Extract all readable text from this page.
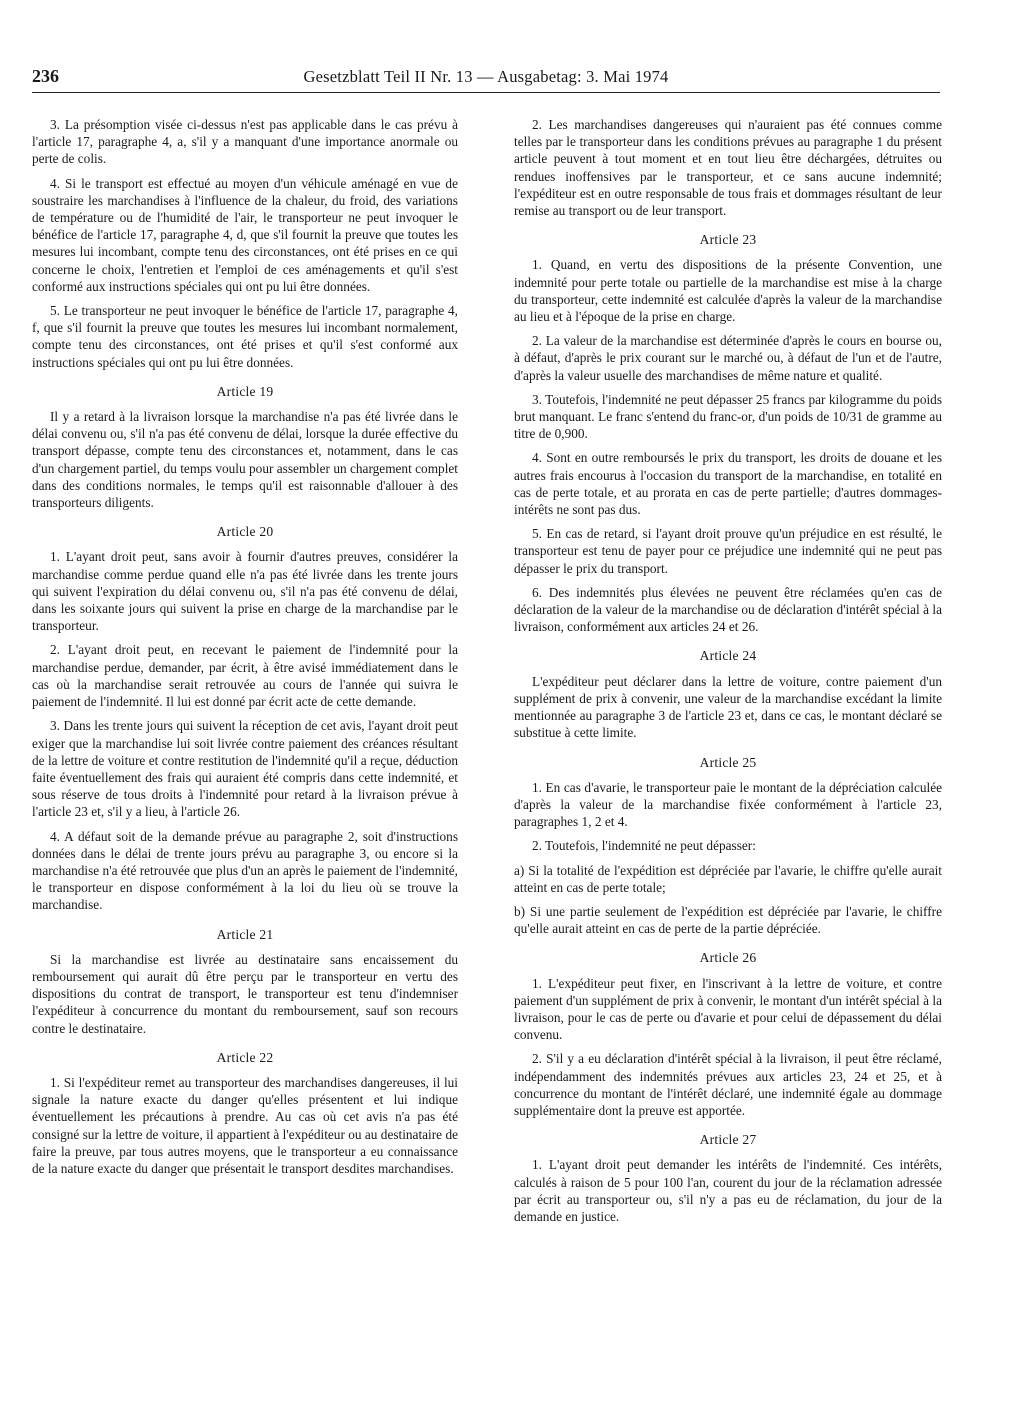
236	Gesetzblatt Teil II Nr. 13 — Ausgabetag: 3. Mai 1974

3. La présomption visée ci-dessus n'est pas applicable dans le cas prévu à l'article 17, paragraphe 4, a, s'il y a manquant d'une importance anormale ou perte de colis.

4. Si le transport est effectué au moyen d'un véhicule aménagé en vue de soustraire les marchandises à l'influence de la chaleur, du froid, des variations de température ou de l'humidité de l'air, le transporteur ne peut invoquer le bénéfice de l'article 17, paragraphe 4, d, que s'il fournit la preuve que toutes les mesures lui incombant, compte tenu des circonstances, ont été prises en ce qui concerne le choix, l'entretien et l'emploi de ces aménagements et qu'il s'est conformé aux instructions spéciales qui ont pu lui être données.

5. Le transporteur ne peut invoquer le bénéfice de l'article 17, paragraphe 4, f, que s'il fournit la preuve que toutes les mesures lui incombant normalement, compte tenu des circonstances, ont été prises et qu'il s'est conformé aux instructions spéciales qui ont pu lui être données.

Article 19

Il y a retard à la livraison lorsque la marchandise n'a pas été livrée dans le délai convenu ou, s'il n'a pas été convenu de délai, lorsque la durée effective du transport dépasse, compte tenu des circonstances et, notamment, dans le cas d'un chargement partiel, du temps voulu pour assembler un chargement complet dans des conditions normales, le temps qu'il est raisonnable d'allouer à des transporteurs diligents.

Article 20

1. L'ayant droit peut, sans avoir à fournir d'autres preuves, considérer la marchandise comme perdue quand elle n'a pas été livrée dans les trente jours qui suivent l'expiration du délai convenu ou, s'il n'a pas été convenu de délai, dans les soixante jours qui suivent la prise en charge de la marchandise par le transporteur.

2. L'ayant droit peut, en recevant le paiement de l'indemnité pour la marchandise perdue, demander, par écrit, à être avisé immédiatement dans le cas où la marchandise serait retrouvée au cours de l'année qui suivra le paiement de l'indemnité. Il lui est donné par écrit acte de cette demande.

3. Dans les trente jours qui suivent la réception de cet avis, l'ayant droit peut exiger que la marchandise lui soit livrée contre paiement des créances résultant de la lettre de voiture et contre restitution de l'indemnité qu'il a reçue, déduction faite éventuellement des frais qui auraient été compris dans cette indemnité, et sous réserve de tous droits à l'indemnité pour retard à la livraison prévue à l'article 23 et, s'il y a lieu, à l'article 26.

4. A défaut soit de la demande prévue au paragraphe 2, soit d'instructions données dans le délai de trente jours prévu au paragraphe 3, ou encore si la marchandise n'a été retrouvée que plus d'un an après le paiement de l'indemnité, le transporteur en dispose conformément à la loi du lieu où se trouve la marchandise.

Article 21

Si la marchandise est livrée au destinataire sans encaissement du remboursement qui aurait dû être perçu par le transporteur en vertu des dispositions du contrat de transport, le transporteur est tenu d'indemniser l'expéditeur à concurrence du montant du remboursement, sauf son recours contre le destinataire.

Article 22

1. Si l'expéditeur remet au transporteur des marchandises dangereuses, il lui signale la nature exacte du danger qu'elles présentent et lui indique éventuellement les précautions à prendre. Au cas où cet avis n'a pas été consigné sur la lettre de voiture, il appartient à l'expéditeur ou au destinataire de faire la preuve, par tous autres moyens, que le transporteur a eu connaissance de la nature exacte du danger que présentait le transport desdites marchandises.

2. Les marchandises dangereuses qui n'auraient pas été connues comme telles par le transporteur dans les conditions prévues au paragraphe 1 du présent article peuvent à tout moment et en tout lieu être déchargées, détruites ou rendues inoffensives par le transporteur, et ce sans aucune indemnité; l'expéditeur est en outre responsable de tous frais et dommages résultant de leur remise au transport ou de leur transport.

Article 23

1. Quand, en vertu des dispositions de la présente Convention, une indemnité pour perte totale ou partielle de la marchandise est mise à la charge du transporteur, cette indemnité est calculée d'après la valeur de la marchandise au lieu et à l'époque de la prise en charge.

2. La valeur de la marchandise est déterminée d'après le cours en bourse ou, à défaut, d'après le prix courant sur le marché ou, à défaut de l'un et de l'autre, d'après la valeur usuelle des marchandises de même nature et qualité.

3. Toutefois, l'indemnité ne peut dépasser 25 francs par kilogramme du poids brut manquant. Le franc s'entend du franc-or, d'un poids de 10/31 de gramme au titre de 0,900.

4. Sont en outre remboursés le prix du transport, les droits de douane et les autres frais encourus à l'occasion du transport de la marchandise, en totalité en cas de perte totale, et au prorata en cas de perte partielle; d'autres dommages-intérêts ne sont pas dus.

5. En cas de retard, si l'ayant droit prouve qu'un préjudice en est résulté, le transporteur est tenu de payer pour ce préjudice une indemnité qui ne peut pas dépasser le prix du transport.

6. Des indemnités plus élevées ne peuvent être réclamées qu'en cas de déclaration de la valeur de la marchandise ou de déclaration d'intérêt spécial à la livraison, conformément aux articles 24 et 26.

Article 24

L'expéditeur peut déclarer dans la lettre de voiture, contre paiement d'un supplément de prix à convenir, une valeur de la marchandise excédant la limite mentionnée au paragraphe 3 de l'article 23 et, dans ce cas, le montant déclaré se substitue à cette limite.

Article 25

1. En cas d'avarie, le transporteur paie le montant de la dépréciation calculée d'après la valeur de la marchandise fixée conformément à l'article 23, paragraphes 1, 2 et 4.

2. Toutefois, l'indemnité ne peut dépasser:

a) Si la totalité de l'expédition est dépréciée par l'avarie, le chiffre qu'elle aurait atteint en cas de perte totale;

b) Si une partie seulement de l'expédition est dépréciée par l'avarie, le chiffre qu'elle aurait atteint en cas de perte de la partie dépréciée.

Article 26

1. L'expéditeur peut fixer, en l'inscrivant à la lettre de voiture, et contre paiement d'un supplément de prix à convenir, le montant d'un intérêt spécial à la livraison, pour le cas de perte ou d'avarie et pour celui de dépassement du délai convenu.

2. S'il y a eu déclaration d'intérêt spécial à la livraison, il peut être réclamé, indépendamment des indemnités prévues aux articles 23, 24 et 25, et à concurrence du montant de l'intérêt déclaré, une indemnité égale au dommage supplémentaire dont la preuve est apportée.

Article 27

1. L'ayant droit peut demander les intérêts de l'indemnité. Ces intérêts, calculés à raison de 5 pour 100 l'an, courent du jour de la réclamation adressée par écrit au transporteur ou, s'il n'y a pas eu de réclamation, du jour de la demande en justice.
